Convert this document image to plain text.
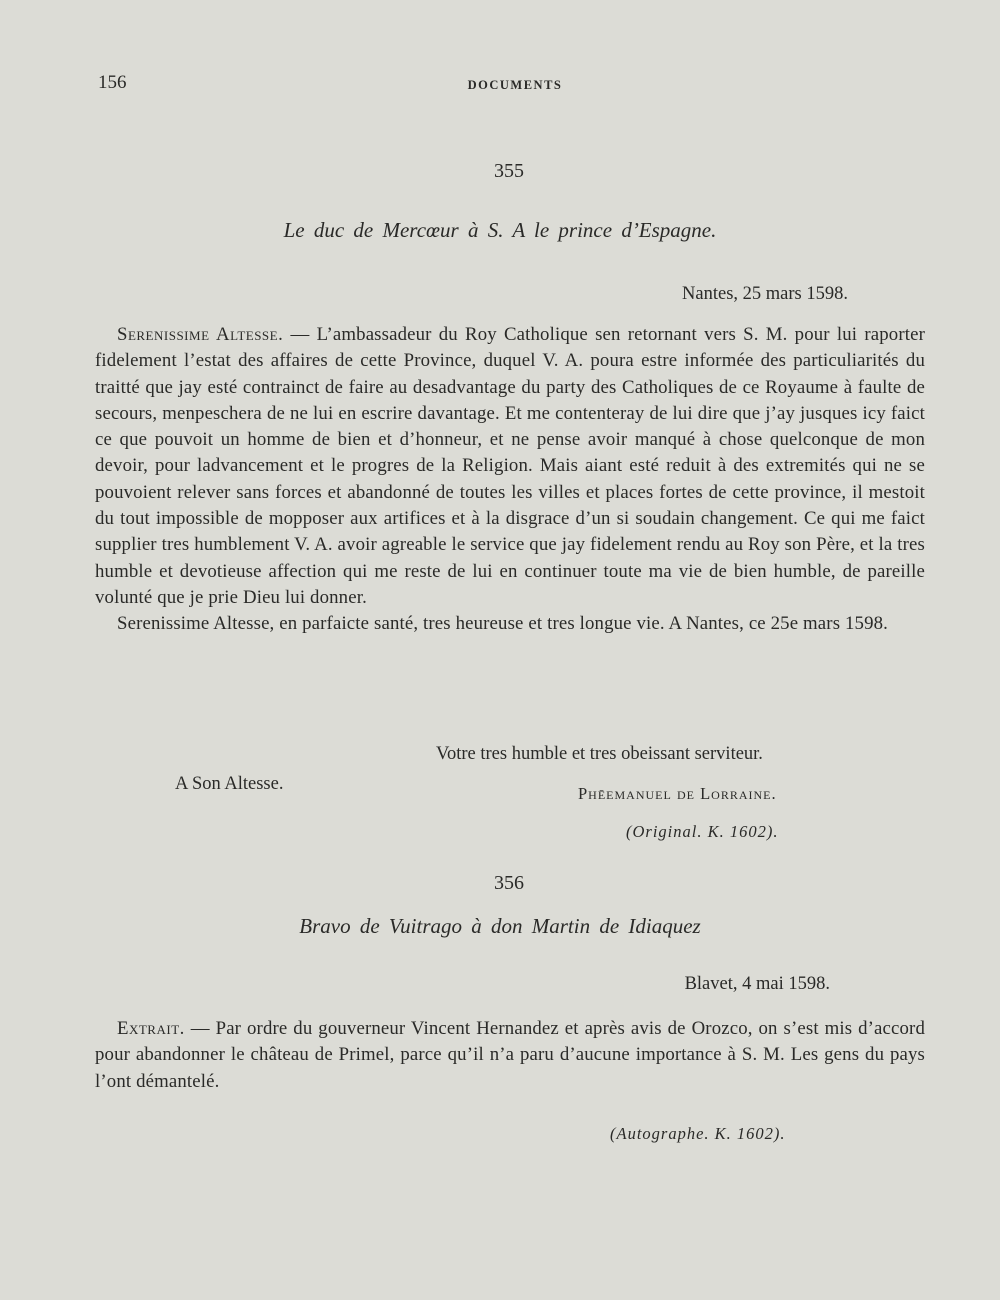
156	DOCUMENTS
355
Le duc de Mercœur à S. A le prince d’Espagne.
Nantes, 25 mars 1598.

Serenissime Altesse. — L’ambassadeur du Roy Catholique sen retornant vers S. M. pour lui raporter fidelement l’estat des affaires de cette Province, duquel V. A. poura estre informée des particuliarités du traitté que jay esté contrainct de faire au desadvantage du party des Catholiques de ce Royaume à faulte de secours, menpeschera de ne lui en escrire davantage. Et me contenteray de lui dire que j’ay jusques icy faict ce que pouvoit un homme de bien et d’honneur, et ne pense avoir manqué à chose quelconque de mon devoir, pour ladvancement et le progres de la Religion. Mais aiant esté reduit à des extremités qui ne se pouvoient relever sans forces et abandonné de toutes les villes et places fortes de cette province, il mestoit du tout impossible de mopposer aux artifices et à la disgrace d’un si soudain changement. Ce qui me faict supplier tres humblement V. A. avoir agreable le service que jay fidelement rendu au Roy son Père, et la tres humble et devotieuse affection qui me reste de lui en continuer toute ma vie de bien humble, de pareille volunté que je prie Dieu lui donner.

Serenissime Altesse, en parfaicte santé, tres heureuse et tres longue vie. A Nantes, ce 25e mars 1598.

Votre tres humble et tres obeissant serviteur.
A Son Altesse.	Phēemanuel de Lorraine.
(Original. K. 1602).
356
Bravo de Vuitrago à don Martin de Idiaquez
Blavet, 4 mai 1598.

Extrait. — Par ordre du gouverneur Vincent Hernandez et après avis de Orozco, on s’est mis d’accord pour abandonner le château de Primel, parce qu’il n’a paru d’aucune importance à S. M. Les gens du pays l’ont démantelé.

(Autographe. K. 1602).
